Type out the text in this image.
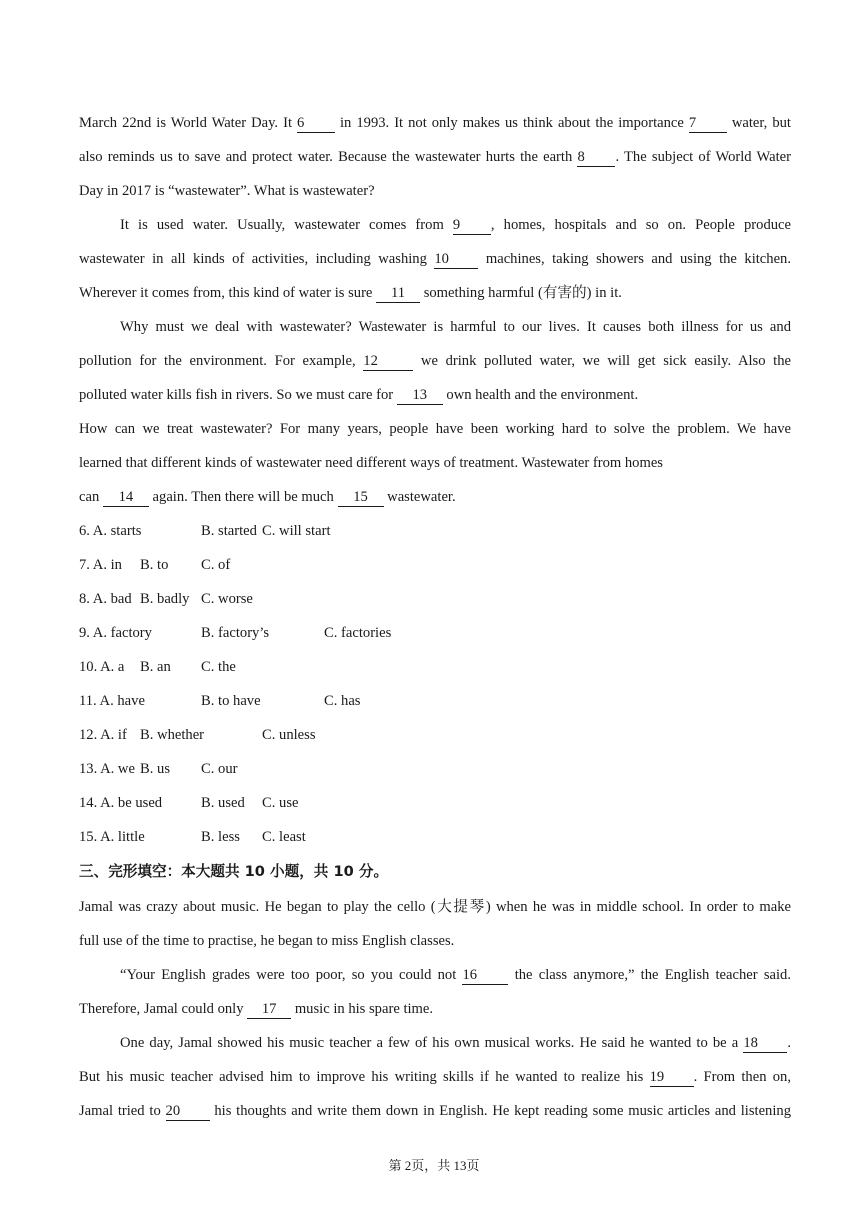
March 22nd is World Water Day. It 6 in 1993. It not only makes us think about the importance 7 water, but
also reminds us to save and protect water. Because the wastewater hurts the earth 8 . The subject of World Water
Day in 2017 is “wastewater”. What is wastewater?
It is used water. Usually, wastewater comes from 9 , homes, hospitals and so on. People produce
wastewater in all kinds of activities, including washing 10 machines, taking showers and using the kitchen.
Wherever it comes from, this kind of water is sure 11 something harmful (有害的) in it.
Why must we deal with wastewater? Wastewater is harmful to our lives. It causes both illness for us and
pollution for the environment. For example, 12 we drink polluted water, we will get sick easily. Also the
polluted water kills fish in rivers. So we must care for 13 own health and the environment.
How can we treat wastewater? For many years, people have been working hard to solve the problem. We have
learned that different kinds of wastewater need different ways of treatment. Wastewater from homes
can 14 again. Then there will be much 15 wastewater.
6. A. starts	B. started C. will start
7. A. in B. to C. of
8. A. bad B. badly C. worse
9. A. factory	B. factory’s	C. factories
10. A. a B. an C. the
11. A. have	B. to have	C. has
12. A. if B. whether	C. unless
13. A. we B. us C. our
14. A. be used	B. used C. use
15. A. little	B. less C. least
三、完形填空：本大题共 10 小题，共 10 分。
Jamal was crazy about music. He began to play the cello (大提琴) when he was in middle school. In order to make
full use of the time to practise, he began to miss English classes.
“Your English grades were too poor, so you could not 16 the class anymore,” the English teacher said.
Therefore, Jamal could only 17 music in his spare time.
One day, Jamal showed his music teacher a few of his own musical works. He said he wanted to be a 18 .
But his music teacher advised him to improve his writing skills if he wanted to realize his 19 . From then on,
Jamal tried to 20 his thoughts and write them down in English. He kept reading some music articles and listening
第 2页，共 13页
